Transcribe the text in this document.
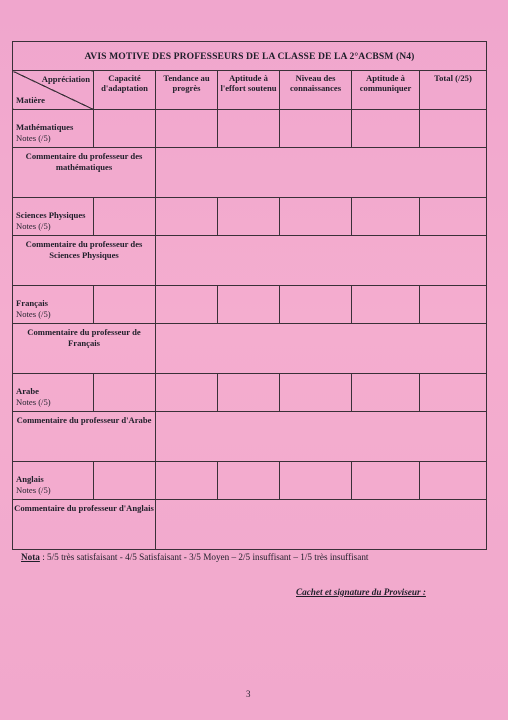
AVIS MOTIVE DES PROFESSEURS DE LA CLASSE DE LA 2°ACBSM (N4)						

Appréciation
Matière	Capacité d'adaptation	Tendance au progrès	Aptitude à l'effort soutenu	Niveau des connaissances	Aptitude à communiquer	Total (/25)

Mathématiques
Notes (/5)						

Commentaire du professeur des mathématiques						

Sciences Physiques
Notes (/5)						

Commentaire du professeur des Sciences Physiques						

Français
Notes (/5)						

Commentaire du professeur de Français						

Arabe
Notes (/5)						

Commentaire du professeur d'Arabe						

Anglais
Notes (/5)						

Commentaire du professeur d'Anglais						
Nota : 5/5 très satisfaisant - 4/5 Satisfaisant - 3/5 Moyen – 2/5 insuffisant – 1/5 très insuffisant
Cachet et signature du Proviseur :
3
